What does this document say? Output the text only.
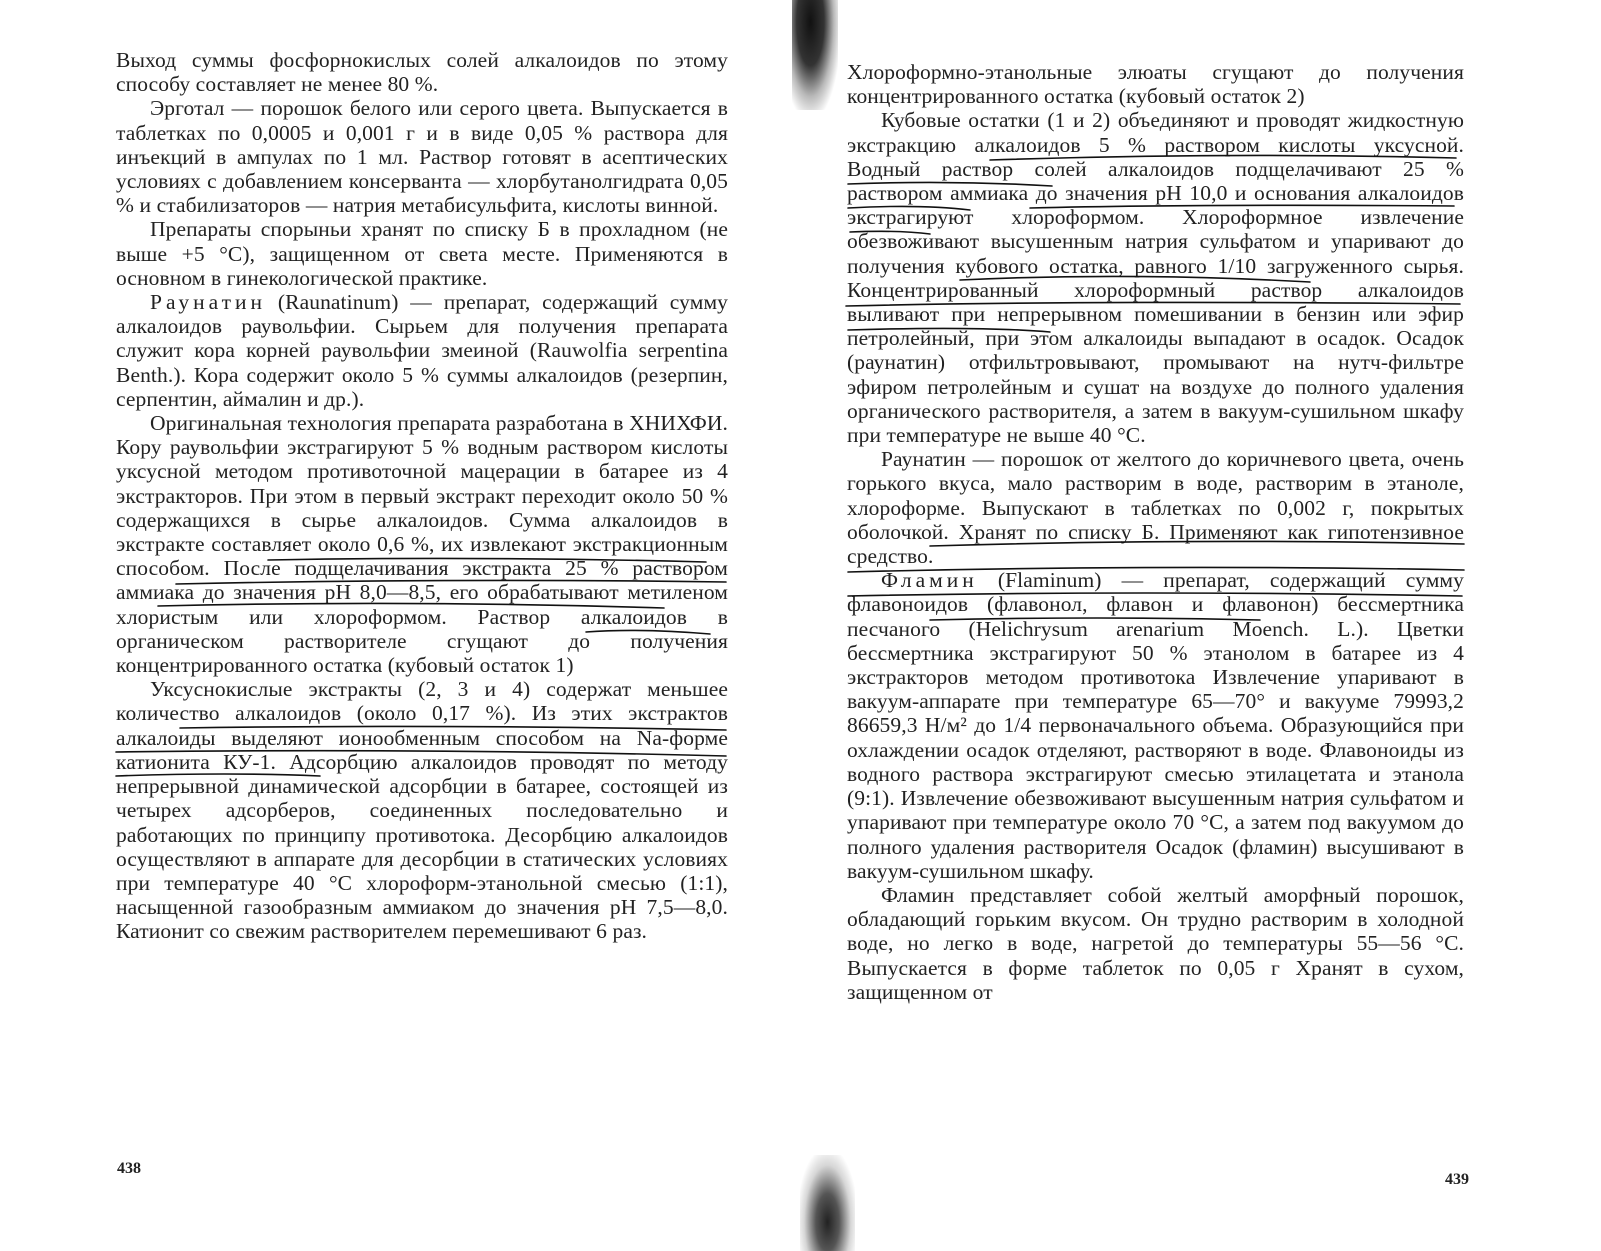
Выход суммы фосфорнокислых солей алкалоидов по этому способу составляет не менее 80 %.

Эрготал — порошок белого или серого цвета. Выпускается в таблетках по 0,0005 и 0,001 г и в виде 0,05 % раствора для инъекций в ампулах по 1 мл. Раствор готовят в асептических условиях с добавлением консерванта — хлорбутанолгидрата 0,05 % и стабилизаторов — натрия метабисульфита, кислоты винной.

Препараты спорыньи хранят по списку Б в прохладном (не выше +5 °C), защищенном от света месте. Применяются в основном в гинекологической практике.

Раунатин (Raunatinum) — препарат, содержащий сумму алкалоидов раувольфии. Сырьем для получения препарата служит кора корней раувольфии змеиной (Rauwolfia serpentina Benth.). Кора содержит около 5 % суммы алкалоидов (резерпин, серпентин, аймалин и др.).

Оригинальная технология препарата разработана в ХНИХФИ. Кору раувольфии экстрагируют 5 % водным раствором кислоты уксусной методом противоточной мацерации в батарее из 4 экстракторов. При этом в первый экстракт переходит около 50 % содержащихся в сырье алкалоидов. Сумма алкалоидов в экстракте составляет около 0,6 %, их извлекают экстракционным способом. После подщелачивания экстракта 25 % раствором аммиака до значения pH 8,0—8,5, его обрабатывают метиленом хлористым или хлороформом. Раствор алкалоидов в органическом растворителе сгущают до получения концентрированного остатка (кубовый остаток 1)

Уксуснокислые экстракты (2, 3 и 4) содержат меньшее количество алкалоидов (около 0,17 %). Из этих экстрактов алкалоиды выделяют ионообменным способом на Na-форме катионита КУ-1. Адсорбцию алкалоидов проводят по методу непрерывной динамической адсорбции в батарее, состоящей из четырех адсорберов, соединенных последовательно и работающих по принципу противотока. Десорбцию алкалоидов осуществляют в аппарате для десорбции в статических условиях при температуре 40 °C хлороформ-этанольной смесью (1:1), насыщенной газообразным аммиаком до значения pH 7,5—8,0. Катионит со свежим растворителем перемешивают 6 раз.

438

Хлороформно-этанольные элюаты сгущают до получения концентрированного остатка (кубовый остаток 2)

Кубовые остатки (1 и 2) объединяют и проводят жидкостную экстракцию алкалоидов 5 % раствором кислоты уксусной. Водный раствор солей алкалоидов подщелачивают 25 % раствором аммиака до значения pH 10,0 и основания алкалоидов экстрагируют хлороформом. Хлороформное извлечение обезвоживают высушенным натрия сульфатом и упаривают до получения кубового остатка, равного 1/10 загруженного сырья. Концентрированный хлороформный раствор алкалоидов выливают при непрерывном помешивании в бензин или эфир петролейный, при этом алкалоиды выпадают в осадок. Осадок (раунатин) отфильтровывают, промывают на нутч-фильтре эфиром петролейным и сушат на воздухе до полного удаления органического растворителя, а затем в вакуум-сушильном шкафу при температуре не выше 40 °C.

Раунатин — порошок от желтого до коричневого цвета, очень горького вкуса, мало растворим в воде, растворим в этаноле, хлороформе. Выпускают в таблетках по 0,002 г, покрытых оболочкой. Хранят по списку Б. Применяют как гипотензивное средство.

Фламин (Flaminum) — препарат, содержащий сумму флавоноидов (флавонол, флавон и флавонон) бессмертника песчаного (Helichrysum arenarium Moench. L.). Цветки бессмертника экстрагируют 50 % этанолом в батарее из 4 экстракторов методом противотока Извлечение упаривают в вакуум-аппарате при температуре 65—70° и вакууме 79993,2 86659,3 Н/м² до 1/4 первоначального объема. Образующийся при охлаждении осадок отделяют, растворяют в воде. Флавоноиды из водного раствора экстрагируют смесью этилацетата и этанола (9:1). Извлечение обезвоживают высушенным натрия сульфатом и упаривают при температуре около 70 °C, а затем под вакуумом до полного удаления растворителя Осадок (фламин) высушивают в вакуум-сушильном шкафу.

Фламин представляет собой желтый аморфный порошок, обладающий горьким вкусом. Он трудно растворим в холодной воде, но легко в воде, нагретой до температуры 55—56 °C. Выпускается в форме таблеток по 0,05 г Хранят в сухом, защищенном от

439
